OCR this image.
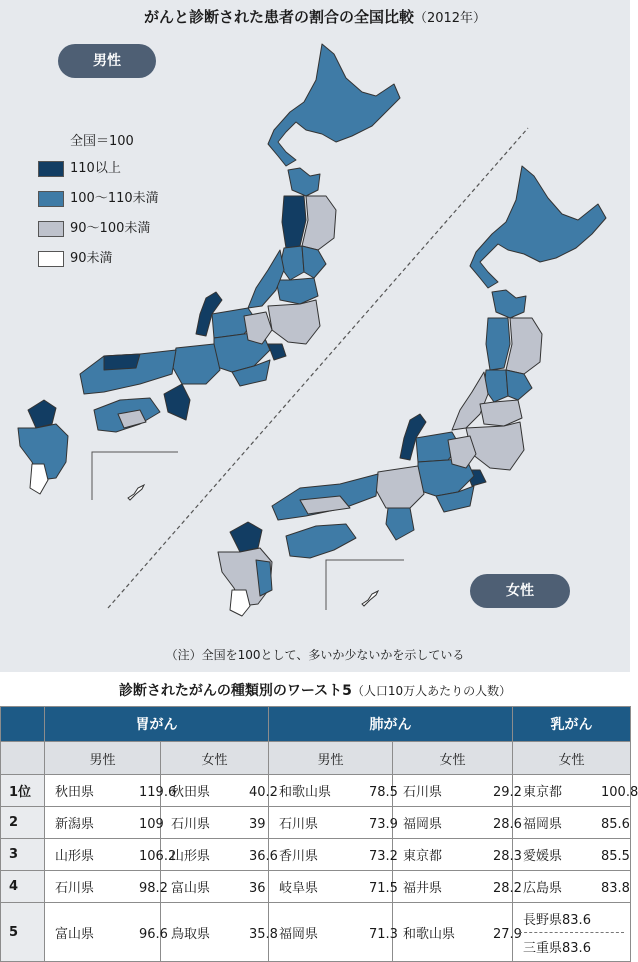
がんと診断された患者の割合の全国比較（2012年）
男性
女性
全国＝100
110以上
100～110未満
90～100未満
90未満
（注）全国を100として、多いか少ないかを示している
診断されたがんの種類別のワースト5（人口10万人あたりの人数）
	胃がん		肺がん		乳がん
	男性	女性	男性	女性	女性
1位	秋田県 119.6	秋田県 40.2	和歌山県 78.5	石川県 29.2	東京都 100.8
2	新潟県 109	石川県 39	石川県 73.9	福岡県 28.6	福岡県 85.6
3	山形県 106.2	山形県 36.6	香川県 73.2	東京都 28.3	愛媛県 85.5
4	石川県 98.2	富山県 36	岐阜県 71.5	福井県 28.2	広島県 83.8
5	富山県 96.6	鳥取県 35.8	福岡県 71.3	和歌山県 27.9	長野県83.6
三重県83.6
